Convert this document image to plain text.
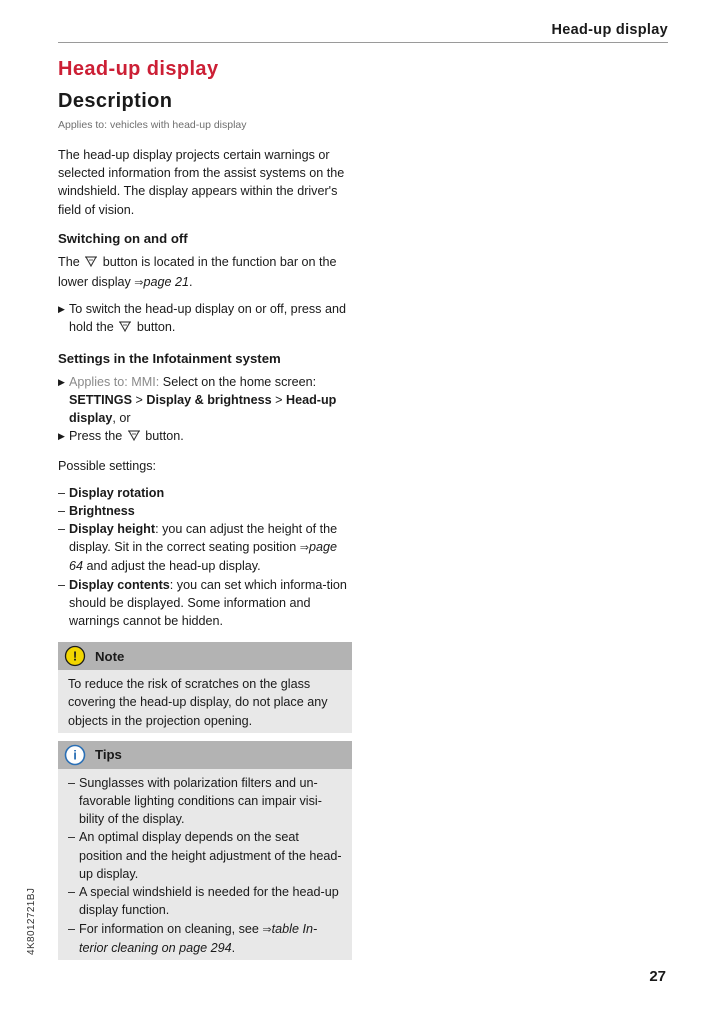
Head-up display
Head-up display
Description
Applies to: vehicles with head-up display

The head-up display projects certain warnings or selected information from the assist systems on the windshield. The display appears within the driver's field of vision.

Switching on and off

The button is located in the function bar on the lower display ⇒page 21.

▶ To switch the head-up display on or off, press and hold the button.
Settings in the Infotainment system
▶ Applies to: MMI: Select on the home screen: SETTINGS > Display & brightness > Head-up display, or
▶ Press the button.

Possible settings:

– Display rotation
– Brightness
– Display height: you can adjust the height of the display. Sit in the correct seating position ⇒page 64 and adjust the head-up display.
– Display contents: you can set which informa-tion should be displayed. Some information and warnings cannot be hidden.
! Note

To reduce the risk of scratches on the glass covering the head-up display, do not place any objects in the projection opening.

i Tips
– Sunglasses with polarization filters and un-favorable lighting conditions can impair visi-bility of the display.
– An optimal display depends on the seat position and the height adjustment of the head-up display.
– A special windshield is needed for the head-up display function.
– For information on cleaning, see ⇒table In-terior cleaning on page 294.
4K8012721BJ
27
